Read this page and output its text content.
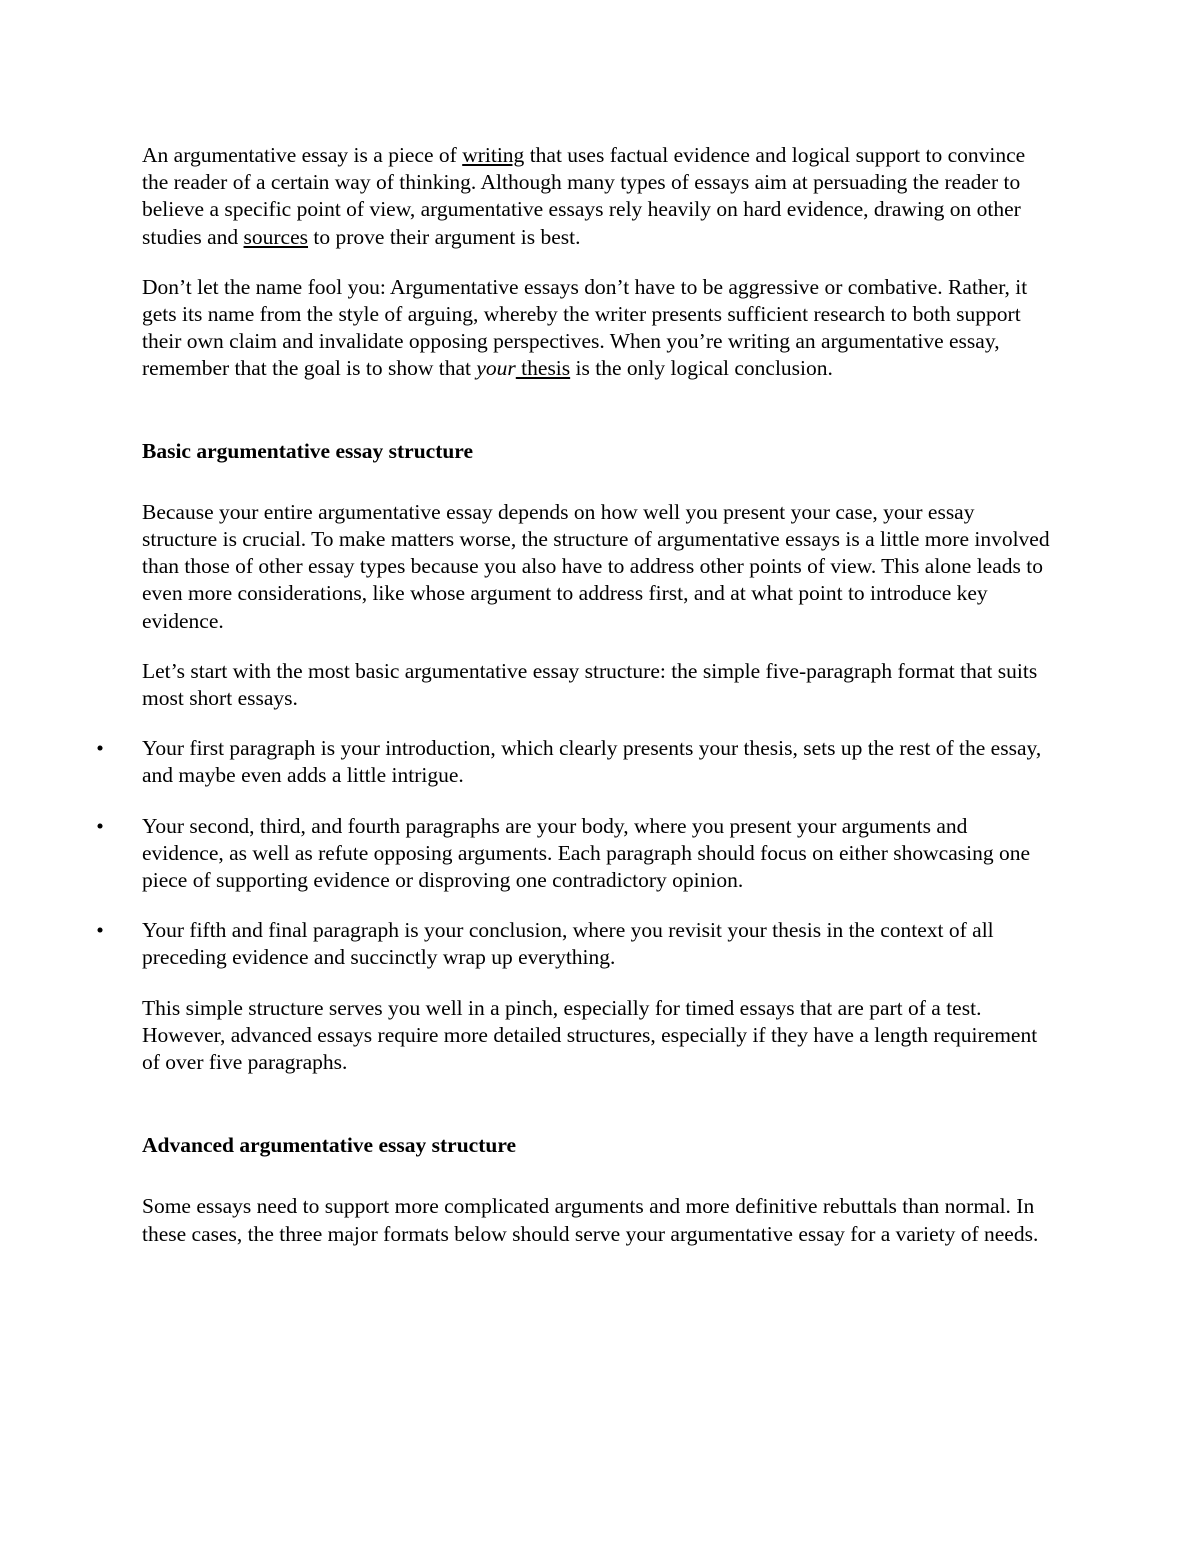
An argumentative essay is a piece of writing that uses factual evidence and logical support to convince the reader of a certain way of thinking. Although many types of essays aim at persuading the reader to believe a specific point of view, argumentative essays rely heavily on hard evidence, drawing on other studies and sources to prove their argument is best.

Don’t let the name fool you: Argumentative essays don’t have to be aggressive or combative. Rather, it gets its name from the style of arguing, whereby the writer presents sufficient research to both support their own claim and invalidate opposing perspectives. When you’re writing an argumentative essay, remember that the goal is to show that your thesis is the only logical conclusion.

Basic argumentative essay structure

Because your entire argumentative essay depends on how well you present your case, your essay structure is crucial. To make matters worse, the structure of argumentative essays is a little more involved than those of other essay types because you also have to address other points of view. This alone leads to even more considerations, like whose argument to address first, and at what point to introduce key evidence.

Let’s start with the most basic argumentative essay structure: the simple five-paragraph format that suits most short essays.

• Your first paragraph is your introduction, which clearly presents your thesis, sets up the rest of the essay, and maybe even adds a little intrigue.
• Your second, third, and fourth paragraphs are your body, where you present your arguments and evidence, as well as refute opposing arguments. Each paragraph should focus on either showcasing one piece of supporting evidence or disproving one contradictory opinion.
• Your fifth and final paragraph is your conclusion, where you revisit your thesis in the context of all preceding evidence and succinctly wrap up everything.

This simple structure serves you well in a pinch, especially for timed essays that are part of a test. However, advanced essays require more detailed structures, especially if they have a length requirement of over five paragraphs.

Advanced argumentative essay structure

Some essays need to support more complicated arguments and more definitive rebuttals than normal. In these cases, the three major formats below should serve your argumentative essay for a variety of needs.
